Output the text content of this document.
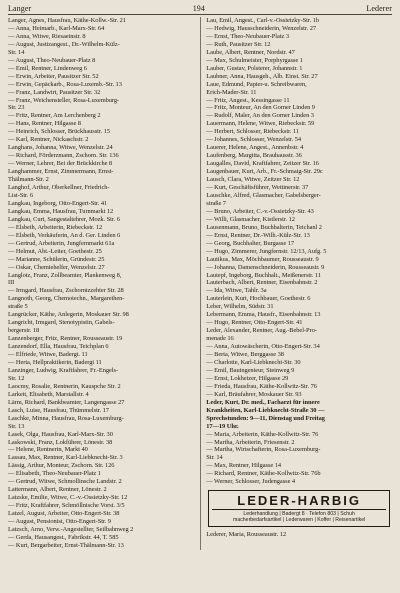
Langer	194	Lederer
Langer, Agnes, Hausfrau, Käthe-Kollw.-Str. 21
— Anna, Heimarb., Karl-Marx-Str. 64
— Anna, Witwe, Riesaeinstr. 8
— August, Justizangest., Dr.-Wilhelm-Külz-
Str. 14
— August, Theo-Neubauer-Platz 8
— Emil, Rentner, Lindenweg 6
— Erwin, Arbeiter, Pausitzer Str. 52
— Erwin, Gepäckarb., Rosa-Luxemb.-Str. 13
— Franz, Landwirt, Pausitzer Str. 32
— Franz, Weichensteller, Rosa-Luxemburg-
Str. 23
— Fritz, Rentner, Am Lerchenberg 2
— Hans, Rentner, Hilgasse 8
— Heinrich, Schlosser, Brückhausstr. 15
— Karl, Rentner, Nickaschstr. 2
Langhans, Johanna, Witwe, Wenzelstr. 24
— Richard, Förderzmann, Zschorn. Str. 136
— Werner, Lehrer, Bei der Brückkirche 8
Langhammer, Ernst, Zimmermann, Ernst-
Thälmann-Str. 2
Langhof, Arthur, Oberkellner, Friedrich-
List-Str. 6
Langkau, Ingeborg, Otto-Engert-Str. 41
Langkau, Emma, Hausfrau, Turnmarkt 12
Langkau, Curt, Sangestaltehrer, Mozk. Str. 6
— Elsbeth, Arbeiterin, Riebeckstr. 12
— Elsbeth, Verkäuferin, An d. Ger. Linden 6
— Gertrud, Arbeiterin, Jungfernmarkt 61a
— Helmut, Abt.-Leiter, Goethestr. 25
— Marianne, Schülerin, Gründestr. 25
— Oskar, Chemiehelfer, Wenzelstr. 27
Langlotz, Franz, Zollbeamter, Plankenweg 8,
III
— Irmgard, Hausfrau, Zschorntzzehter Str. 28
Langnoth, Georg, Chemotechn., Margarethen-
straße 5
Langrücker, Käthe, Anlegerin, Moskauer Str. 98
Langricht, Irmgard, Stenotypistin, Gabels-
bergerstr. 18
Lanzenberger, Fritz, Rentner, Rousseaustr. 19
Lanzendorf, Ella, Hausfrau, Teichplan 6
— Elfriede, Witwe, Badergt. 11
— Herta, Hellpraktikerin, Badergt 11
Lanzinger, Ludwig, Kraftfahrer, Fr.-Engels-
Str. 12
Laocmy, Rosalie, Rentnerin, Kauspche Str. 2
Larkeit, Elisabeth, Marstallstr. 4
Lärm, Richard, Bankbeamter, Langengasse 27
Lasch, Luise, Hausfrau, Thümmelstr. 17
Laschke, Minna, Hausfrau, Rosa-Luxemburg-
Str. 13
Lasek, Olga, Hausfrau, Karl-Marx-Str. 30
Laskowski, Franz, Lokführer, Lönestr. 38
— Helene, Rentnerin, Markt 40
Lassau, Max, Rentner, Karl-Liebknecht-Str. 3
Lässig, Arthur, Monteur, Zschorn. Str. 126
— Elisabeth, Theo-Neubauer-Platz 1
— Gertrud, Witwe, Schmollinsche Landstr. 2
Lattermann, Albert, Rentner, Lönestr. 2
Latzske, Emilie, Witwe, C.-v.-Ossietzky-Str. 12
— Fritz, Kraftfahrer, Schmöllnische Vorst. 3/5
Latzel, August, Arbeiter, Otto-Engert-Str. 38
— August, Pensionist, Otto-Engert-Str. 9
Latzsch, Arno, Verw.-Angestellter, Seilbahnweg 2
— Gerda, Hausangest., Fabrikstr. 44, T. 585
— Kurt, Bergarbeiter, Ernst-Thälmann-Str. 13
Lau, Emil, Angest., Carl-v.-Ossietzky-Str. 1b
— Hedwig, Hausschneiderin, Wenzelstr. 27
— Ernst, Theo-Neubauer-Platz 3
— Ruth, Pausitzer Str. 12
Laube, Albert, Rentner, Nordstr. 47
— Max, Schulmeister, Porphyrgasse 1
Lauber, Gustav, Polsterer, Johannstr. 1
Laubner, Anna, Hausgeh., Alb. Einst. Str. 27
Laue, Edmund, Papier-u. Schreibwaren,
Erich-Mader-Str. 11
— Fritz, Angest., Kessingasse 11
— Fritz, Monteur, An den Gorner Linden 9
— Rudolf, Maler, An den Gorner Linden 3
Lauermann, Helene, Witwe, Riebeckstr. 59
— Herbert, Schlosser, Riebeckstr. 11
— Johannes, Schlosser, Wenzelstr. 54
Lauerer, Helene, Angest., Annenbstr. 4
Laufenberg, Margitta, Brauhausstr. 36
Laugalles, David, Kraftfahrer, Zeitzer Str. 16
Laugenbauer, Kurt, Arb., Fr.-Schmaig-Str. 29c
Lausch, Clara, Witwe, Zeitzer Str. 12
— Kurt, Geschäftsführer, Wettinerstr. 37
Lauschke, Alfred, Glasmacher, Gabelsberger-
straße 7
— Bruno, Arbeiter, C.-v.-Ossietzky-Str. 43
— Willi, Glasmacher, Kistlerstr. 12
Lausenmann, Bruno, Buchhalterin, Teichanl 2
— Ernst, Rentner, Dr.-Wilh.-Külz-Str. 13
— Georg, Buchhalter, Burgasse 17
— Hugo, Zimmerer, Jungfernstr. 12/13, Aufg. 5
Lautikus, Max, Möchbaumer, Rousseaustr. 9
— Johanna, Damenschneiderin, Rousseaustr. 9
Lautepf, Ingeborg, Buchhalt., Meißenerstr. 11
Lauterbach, Albert, Rentner, Eisenbahnstr. 2
— Ida, Witwe, Tahlr. 3a
Lauterlein, Kurt, Hochbauer, Goethestr. 6
Leber, Wilhelm, Südstr. 31
Lebermann, Emma, Hausfr., Eisenbahnstr. 13
— Hugo, Rentner, Otto-Engert-Str. 41
Leder, Alexander, Rentner, Aug.-Bebel-Pro-
menade 16
— Anna, Autowäscherin, Otto-Engert-Str. 34
— Berta, Witwe, Berggasse 38
— Charlotte, Karl-Liebknecht-Str. 30
— Emil, Bauingenieur, Steinweg 9
— Ernst, Lokheizer, Hilgasse 29
— Frieda, Hausfrau, Käthe-Kollwitz-Str. 76
— Karl, Bräufahrer, Moskauer Str. 93
Leder, Kurt, Dr. med., Facharzt für innere
Krankheiten, Karl-Liebknecht-Straße 30 —
Sprechstunden: 9—11, Dienstag und Freitag
17—19 Uhr.
— Maria, Arbeiterin, Käthe-Kollwitz-Str. 76
— Martha, Arbeiterin, Friesenstr. 2
— Martha, Wirtschafterin, Rosa-Luxemburg-
Str. 14
— Max, Rentner, Hilgasse 14
— Richard, Rentner, Käthe-Kollwitz-Str. 76b
— Werner, Schlosser, Judengasse 4
LEDER-HARBIG
Lederhandlung | Badergt 8 · Telefon 803 | Schuh
macherbedarfsartikel | Lederwaren | Koffer | Reisenartikel
Lederer, Maria, Rousseaustr. 12
